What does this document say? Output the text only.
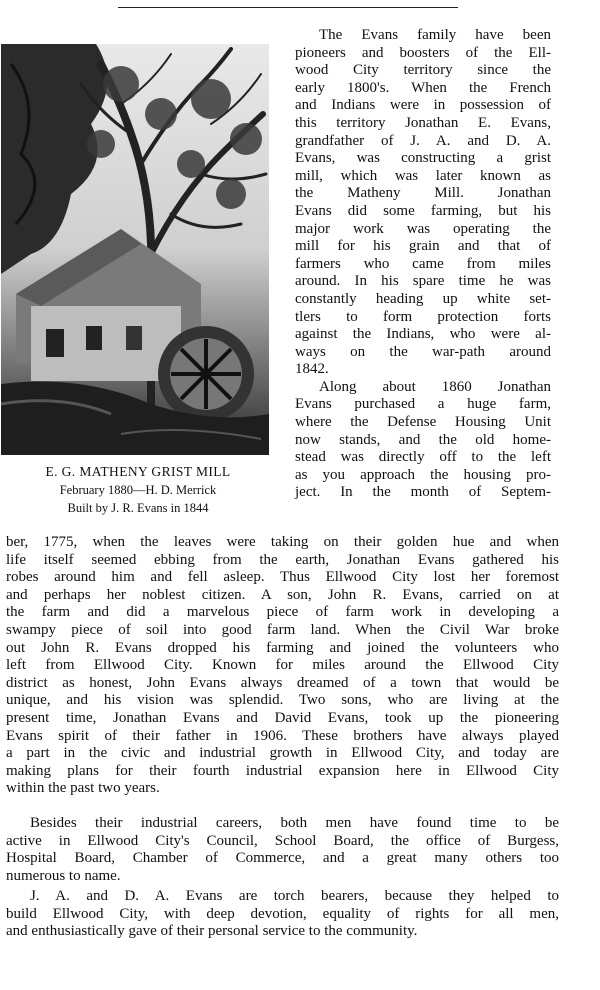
E. G. MATHENY GRIST MILL
February 1880—H. D. Merrick
Built by J. R. Evans in 1844
The Evans family have been
pioneers and boosters of the Ell-
wood City territory since the
early 1800's. When the French
and Indians were in possession of
this territory Jonathan E. Evans,
grandfather of J. A. and D. A.
Evans, was constructing a grist
mill, which was later known as
the Matheny Mill. Jonathan
Evans did some farming, but his
major work was operating the
mill for his grain and that of
farmers who came from miles
around. In his spare time he was
constantly heading up white set-
tlers to form protection forts
against the Indians, who were al-
ways on the war-path around
1842.
Along about 1860 Jonathan
Evans purchased a huge farm,
where the Defense Housing Unit
now stands, and the old home-
stead was directly off to the left
as you approach the housing pro-
ject. In the month of Septem-
ber, 1775, when the leaves were taking on their golden hue and when
life itself seemed ebbing from the earth, Jonathan Evans gathered his
robes around him and fell asleep. Thus Ellwood City lost her foremost
and perhaps her noblest citizen. A son, John R. Evans, carried on at
the farm and did a marvelous piece of farm work in developing a
swampy piece of soil into good farm land. When the Civil War broke
out John R. Evans dropped his farming and joined the volunteers who
left from Ellwood City. Known for miles around the Ellwood City
district as honest, John Evans always dreamed of a town that would be
unique, and his vision was splendid. Two sons, who are living at the
present time, Jonathan Evans and David Evans, took up the pioneering
Evans spirit of their father in 1906. These brothers have always played
a part in the civic and industrial growth in Ellwood City, and today are
making plans for their fourth industrial expansion here in Ellwood City
within the past two years.
Besides their industrial careers, both men have found time to be
active in Ellwood City's Council, School Board, the office of Burgess,
Hospital Board, Chamber of Commerce, and a great many others too
numerous to name.
J. A. and D. A. Evans are torch bearers, because they helped to
build Ellwood City, with deep devotion, equality of rights for all men,
and enthusiastically gave of their personal service to the community.
